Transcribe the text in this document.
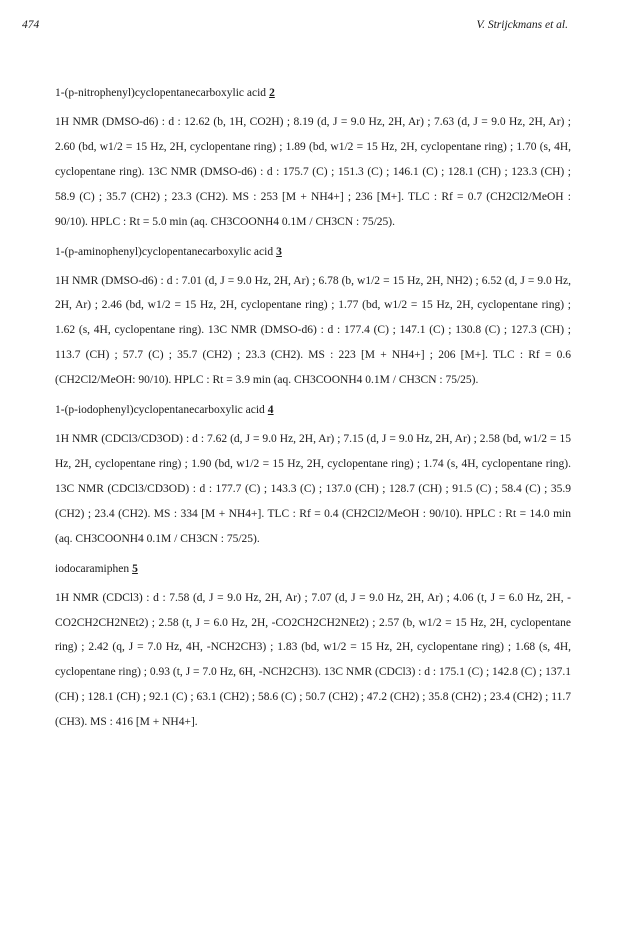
474	V. Strijckmans et al.
1-(p-nitrophenyl)cyclopentanecarboxylic acid 2
1H NMR (DMSO-d6) : d : 12.62 (b, 1H, CO2H) ; 8.19 (d, J = 9.0 Hz, 2H, Ar) ; 7.63 (d, J = 9.0 Hz, 2H, Ar) ; 2.60 (bd, w1/2 = 15 Hz, 2H, cyclopentane ring) ; 1.89 (bd, w1/2 = 15 Hz, 2H, cyclopentane ring) ; 1.70 (s, 4H, cyclopentane ring). 13C NMR (DMSO-d6) : d : 175.7 (C) ; 151.3 (C) ; 146.1 (C) ; 128.1 (CH) ; 123.3 (CH) ; 58.9 (C) ; 35.7 (CH2) ; 23.3 (CH2). MS : 253 [M + NH4+] ; 236 [M+]. TLC : Rf = 0.7 (CH2Cl2/MeOH : 90/10). HPLC : Rt = 5.0 min (aq. CH3COONH4 0.1M / CH3CN : 75/25).
1-(p-aminophenyl)cyclopentanecarboxylic acid 3
1H NMR (DMSO-d6) : d : 7.01 (d, J = 9.0 Hz, 2H, Ar) ; 6.78 (b, w1/2 = 15 Hz, 2H, NH2) ; 6.52 (d, J = 9.0 Hz, 2H, Ar) ; 2.46 (bd, w1/2 = 15 Hz, 2H, cyclopentane ring) ; 1.77 (bd, w1/2 = 15 Hz, 2H, cyclopentane ring) ; 1.62 (s, 4H, cyclopentane ring). 13C NMR (DMSO-d6) : d : 177.4 (C) ; 147.1 (C) ; 130.8 (C) ; 127.3 (CH) ; 113.7 (CH) ; 57.7 (C) ; 35.7 (CH2) ; 23.3 (CH2). MS : 223 [M + NH4+] ; 206 [M+]. TLC : Rf = 0.6 (CH2Cl2/MeOH: 90/10). HPLC : Rt = 3.9 min (aq. CH3COONH4 0.1M / CH3CN : 75/25).
1-(p-iodophenyl)cyclopentanecarboxylic acid 4
1H NMR (CDCl3/CD3OD) : d : 7.62 (d, J = 9.0 Hz, 2H, Ar) ; 7.15 (d, J = 9.0 Hz, 2H, Ar) ; 2.58 (bd, w1/2 = 15 Hz, 2H, cyclopentane ring) ; 1.90 (bd, w1/2 = 15 Hz, 2H, cyclopentane ring) ; 1.74 (s, 4H, cyclopentane ring). 13C NMR (CDCl3/CD3OD) : d : 177.7 (C) ; 143.3 (C) ; 137.0 (CH) ; 128.7 (CH) ; 91.5 (C) ; 58.4 (C) ; 35.9 (CH2) ; 23.4 (CH2). MS : 334 [M + NH4+]. TLC : Rf = 0.4 (CH2Cl2/MeOH : 90/10). HPLC : Rt = 14.0 min (aq. CH3COONH4 0.1M / CH3CN : 75/25).
iodocaramiphen 5
1H NMR (CDCl3) : d : 7.58 (d, J = 9.0 Hz, 2H, Ar) ; 7.07 (d, J = 9.0 Hz, 2H, Ar) ; 4.06 (t, J = 6.0 Hz, 2H, -CO2CH2CH2NEt2) ; 2.58 (t, J = 6.0 Hz, 2H, -CO2CH2CH2NEt2) ; 2.57 (b, w1/2 = 15 Hz, 2H, cyclopentane ring) ; 2.42 (q, J = 7.0 Hz, 4H, -NCH2CH3) ; 1.83 (bd, w1/2 = 15 Hz, 2H, cyclopentane ring) ; 1.68 (s, 4H, cyclopentane ring) ; 0.93 (t, J = 7.0 Hz, 6H, -NCH2CH3). 13C NMR (CDCl3) : d : 175.1 (C) ; 142.8 (C) ; 137.1 (CH) ; 128.1 (CH) ; 92.1 (C) ; 63.1 (CH2) ; 58.6 (C) ; 50.7 (CH2) ; 47.2 (CH2) ; 35.8 (CH2) ; 23.4 (CH2) ; 11.7 (CH3). MS : 416 [M + NH4+].
